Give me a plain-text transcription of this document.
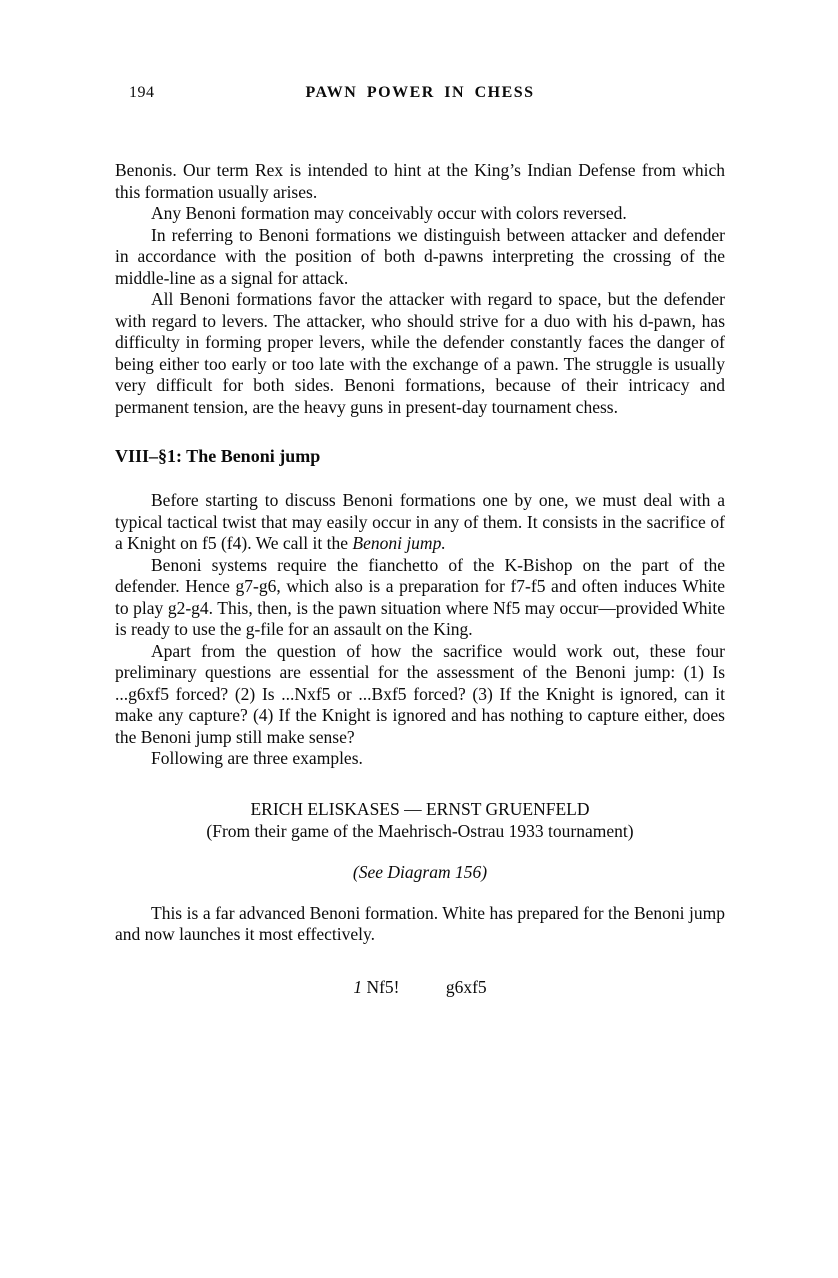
194	PAWN POWER IN CHESS

Benonis. Our term Rex is intended to hint at the King’s Indian Defense from which this formation usually arises.

Any Benoni formation may conceivably occur with colors reversed.

In referring to Benoni formations we distinguish between attacker and defender in accordance with the position of both d-pawns interpreting the crossing of the middle-line as a signal for attack.

All Benoni formations favor the attacker with regard to space, but the defender with regard to levers. The attacker, who should strive for a duo with his d-pawn, has difficulty in forming proper levers, while the defender constantly faces the danger of being either too early or too late with the exchange of a pawn. The struggle is usually very difficult for both sides. Benoni formations, because of their intricacy and permanent tension, are the heavy guns in present-day tournament chess.

VIII–§1: The Benoni jump

Before starting to discuss Benoni formations one by one, we must deal with a typical tactical twist that may easily occur in any of them. It consists in the sacrifice of a Knight on f5 (f4). We call it the Benoni jump.

Benoni systems require the fianchetto of the K-Bishop on the part of the defender. Hence g7-g6, which also is a preparation for f7-f5 and often induces White to play g2-g4. This, then, is the pawn situation where Nf5 may occur—provided White is ready to use the g-file for an assault on the King.

Apart from the question of how the sacrifice would work out, these four preliminary questions are essential for the assessment of the Benoni jump: (1) Is ...g6xf5 forced? (2) Is ...Nxf5 or ...Bxf5 forced? (3) If the Knight is ignored, can it make any capture? (4) If the Knight is ignored and has nothing to capture either, does the Benoni jump still make sense?

Following are three examples.

ERICH ELISKASES — ERNST GRUENFELD
(From their game of the Maehrisch-Ostrau 1933 tournament)
(See Diagram 156)

This is a far advanced Benoni formation. White has prepared for the Benoni jump and now launches it most effectively.

1 Nf5!	g6xf5
